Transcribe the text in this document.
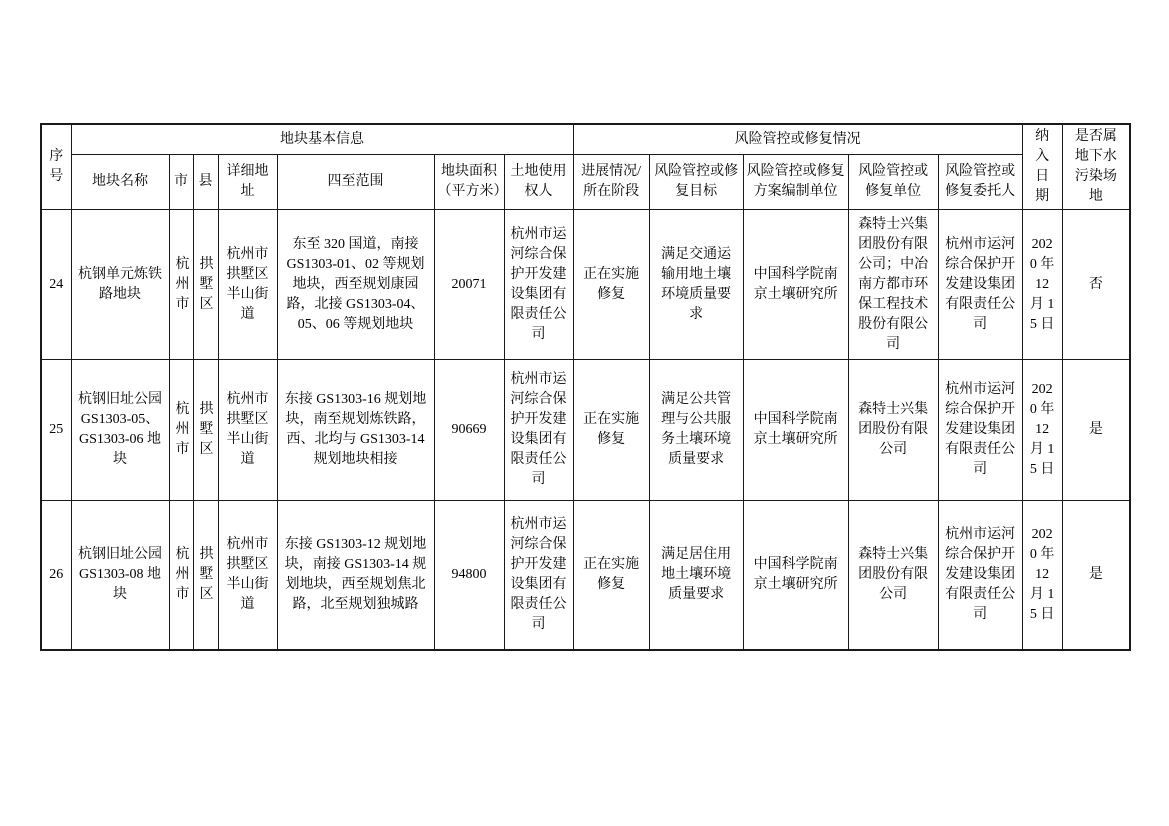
序号	地块基本信息							风险管控或修复情况					纳入日期	是否属地下水污染场地
	地块名称	市	县	详细地址	四至范围	地块面积（平方米）	土地使用权人	进展情况/所在阶段	风险管控或修复目标	风险管控或修复方案编制单位	风险管控或修复单位	风险管控或修复委托人		
24	杭钢单元炼铁路地块	杭州市	拱墅区	杭州市拱墅区半山街道	东至 320 国道，南接 GS1303-01、02 等规划地块，西至规划康园路，北接 GS1303-04、05、06 等规划地块	20071	杭州市运河综合保护开发建设集团有限责任公司	正在实施修复	满足交通运输用地土壤环境质量要求	中国科学院南京土壤研究所	森特士兴集团股份有限公司；中冶南方都市环保工程技术股份有限公司	杭州市运河综合保护开发建设集团有限责任公司	2020 年 12 月 15 日	否
25	杭钢旧址公园 GS1303-05、GS1303-06 地块	杭州市	拱墅区	杭州市拱墅区半山街道	东接 GS1303-16 规划地块，南至规划炼铁路，西、北均与 GS1303-14 规划地块相接	90669	杭州市运河综合保护开发建设集团有限责任公司	正在实施修复	满足公共管理与公共服务土壤环境质量要求	中国科学院南京土壤研究所	森特士兴集团股份有限公司	杭州市运河综合保护开发建设集团有限责任公司	2020 年 12 月 15 日	是
26	杭钢旧址公园 GS1303-08 地块	杭州市	拱墅区	杭州市拱墅区半山街道	东接 GS1303-12 规划地块，南接 GS1303-14 规划地块，西至规划焦北路，北至规划独城路	94800	杭州市运河综合保护开发建设集团有限责任公司	正在实施修复	满足居住用地土壤环境质量要求	中国科学院南京土壤研究所	森特士兴集团股份有限公司	杭州市运河综合保护开发建设集团有限责任公司	2020 年 12 月 15 日	是
